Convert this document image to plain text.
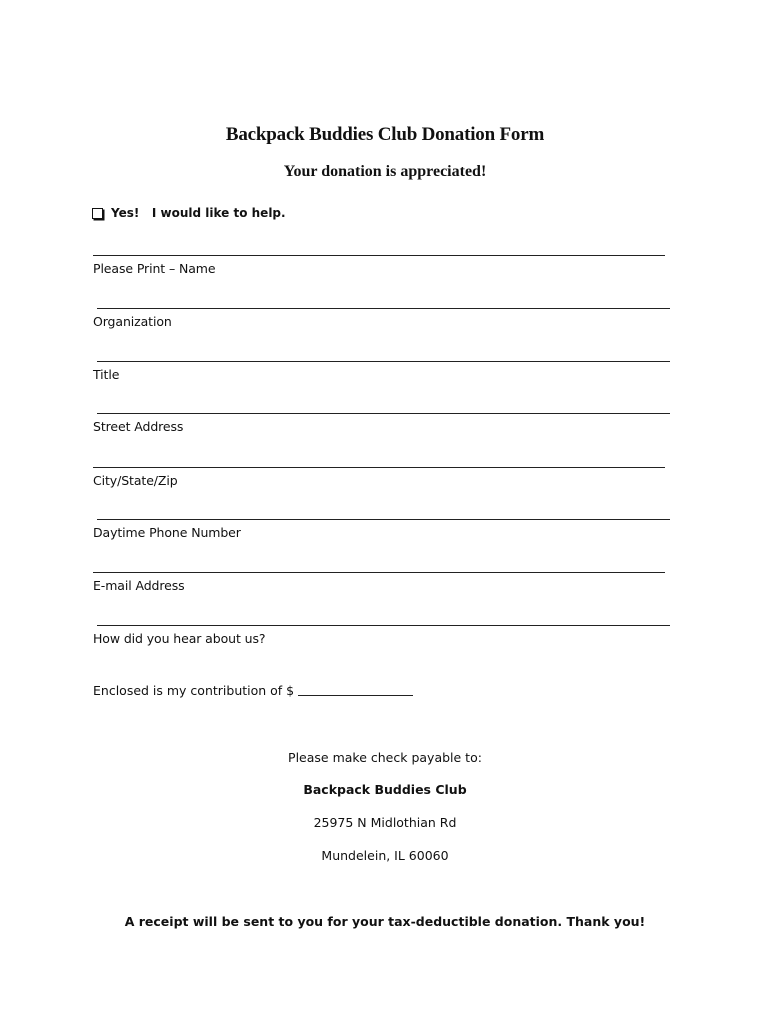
Backpack Buddies Club Donation Form
Your donation is appreciated!
Yes!   I would like to help.
Please Print – Name
Organization
Title
Street Address
City/State/Zip
Daytime Phone Number
E-mail Address
How did you hear about us?
Enclosed is my contribution of $
Please make check payable to:
Backpack Buddies Club
25975 N Midlothian Rd
Mundelein, IL 60060
A receipt will be sent to you for your tax-deductible donation. Thank you!
